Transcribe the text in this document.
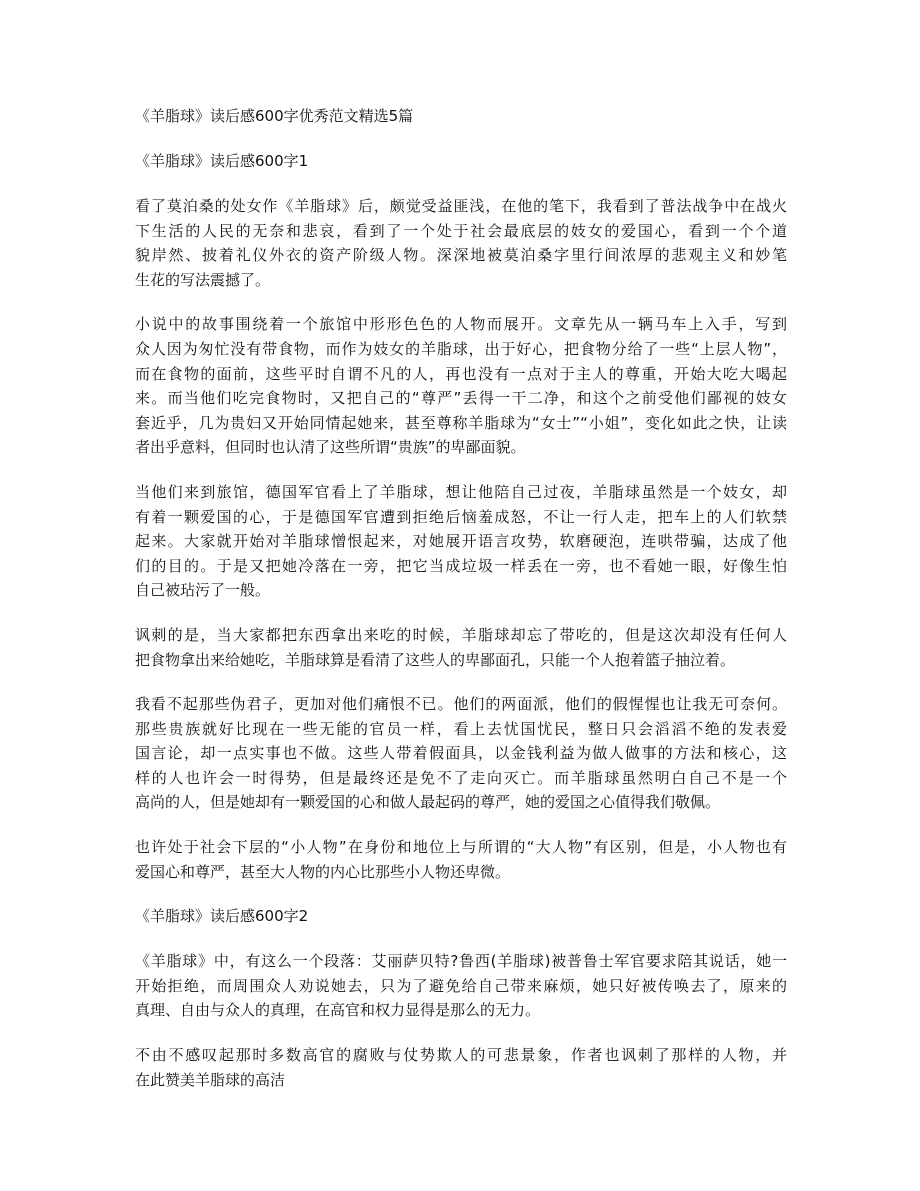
《羊脂球》读后感600字优秀范文精选5篇
《羊脂球》读后感600字1
看了莫泊桑的处女作《羊脂球》后，颇觉受益匪浅，在他的笔下，我看到了普法战争中在战火
下生活的人民的无奈和悲哀，看到了一个处于社会最底层的妓女的爱国心，看到一个个道
貌岸然、披着礼仪外衣的资产阶级人物。深深地被莫泊桑字里行间浓厚的悲观主义和妙笔
生花的写法震撼了。
小说中的故事围绕着一个旅馆中形形色色的人物而展开。文章先从一辆马车上入手，写到
众人因为匆忙没有带食物，而作为妓女的羊脂球，出于好心，把食物分给了一些“上层人物”，
而在食物的面前，这些平时自谓不凡的人，再也没有一点对于主人的尊重，开始大吃大喝起
来。而当他们吃完食物时，又把自己的“尊严”丢得一干二净，和这个之前受他们鄙视的妓女
套近乎，几为贵妇又开始同情起她来，甚至尊称羊脂球为“女士”“小姐”，变化如此之快，让读
者出乎意料，但同时也认清了这些所谓“贵族”的卑鄙面貌。
当他们来到旅馆，德国军官看上了羊脂球，想让他陪自己过夜，羊脂球虽然是一个妓女，却
有着一颗爱国的心，于是德国军官遭到拒绝后恼羞成怒，不让一行人走，把车上的人们软禁
起来。大家就开始对羊脂球憎恨起来，对她展开语言攻势，软磨硬泡，连哄带骗，达成了他
们的目的。于是又把她冷落在一旁，把它当成垃圾一样丢在一旁，也不看她一眼，好像生怕
自己被玷污了一般。
讽刺的是，当大家都把东西拿出来吃的时候，羊脂球却忘了带吃的，但是这次却没有任何人
把食物拿出来给她吃，羊脂球算是看清了这些人的卑鄙面孔，只能一个人抱着篮子抽泣着。
我看不起那些伪君子，更加对他们痛恨不已。他们的两面派，他们的假惺惺也让我无可奈何。
那些贵族就好比现在一些无能的官员一样，看上去忧国忧民，整日只会滔滔不绝的发表爱
国言论，却一点实事也不做。这些人带着假面具，以金钱利益为做人做事的方法和核心，这
样的人也许会一时得势，但是最终还是免不了走向灭亡。而羊脂球虽然明白自己不是一个
高尚的人，但是她却有一颗爱国的心和做人最起码的尊严，她的爱国之心值得我们敬佩。
也许处于社会下层的“小人物”在身份和地位上与所谓的“大人物”有区别，但是，小人物也有
爱国心和尊严，甚至大人物的内心比那些小人物还卑微。
《羊脂球》读后感600字2
《羊脂球》中，有这么一个段落：艾丽萨贝特?鲁西(羊脂球)被普鲁士军官要求陪其说话，她一
开始拒绝，而周围众人劝说她去，只为了避免给自己带来麻烦，她只好被传唤去了，原来的
真理、自由与众人的真理，在高官和权力显得是那么的无力。
不由不感叹起那时多数高官的腐败与仗势欺人的可悲景象，作者也讽刺了那样的人物，并
在此赞美羊脂球的高洁
